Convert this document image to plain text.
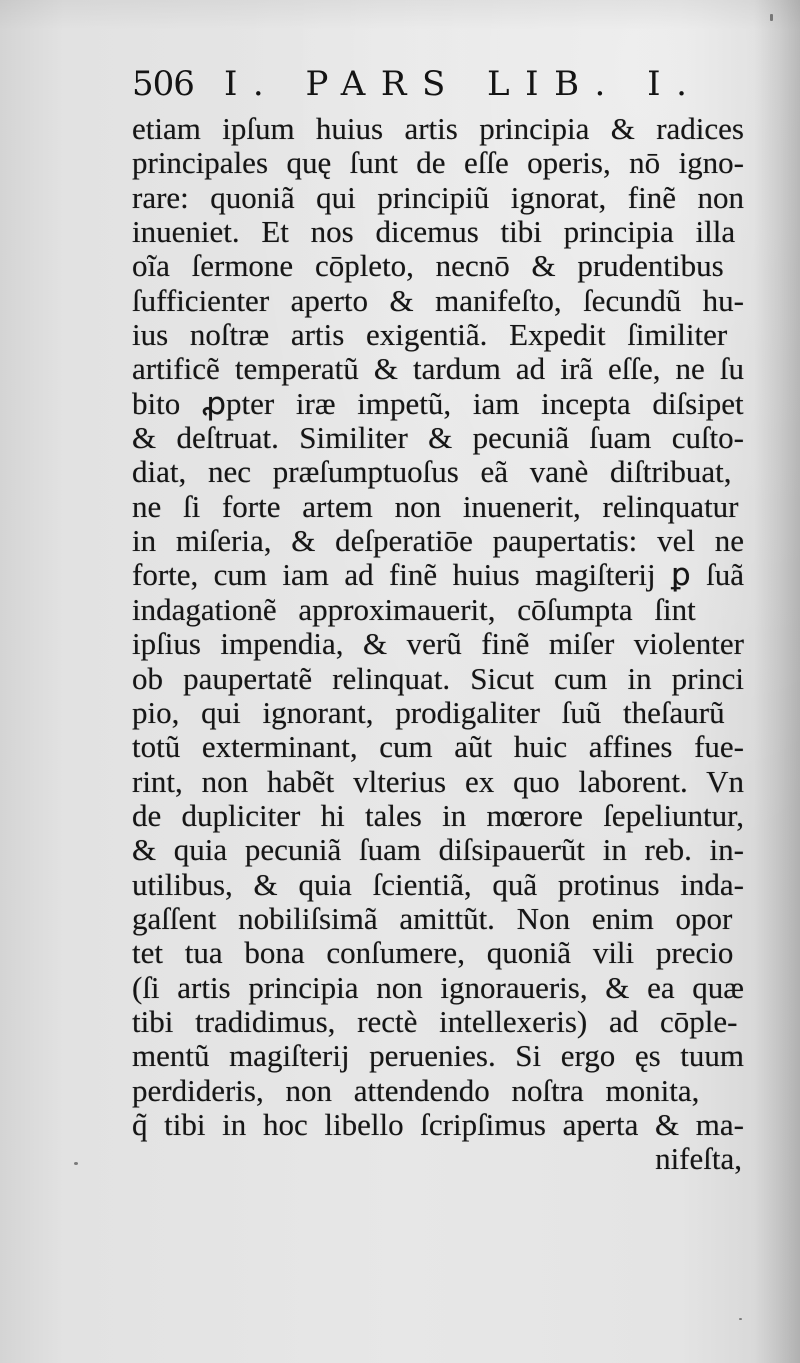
506 I. PARS LIB. I.
etiam ipſum huius artis principia & radices
principales quę ſunt de eſſe operis, nō igno-
rare: quoniã qui principiũ ignorat, finẽ non
inueniet. Et nos dicemus tibi principia illa
oĩa ſermone cōpleto, necnō & prudentibus
ſufficienter aperto & manifeſto, ſecundũ hu-
ius noſtræ artis exigentiã. Expedit ſimiliter
artificẽ temperatũ & tardum ad irã eſſe, ne ſu
bito ꝓpter iræ impetũ, iam incepta diſsipet
& deſtruat. Similiter & pecuniã ſuam cuſto-
diat, nec præſumptuoſus eã vanè diſtribuat,
ne ſi forte artem non inuenerit, relinquatur
in miſeria, & deſperatiōe paupertatis: vel ne
forte, cum iam ad finẽ huius magiſterij ꝑ ſuã
indagationẽ approximauerit, cōſumpta ſint
ipſius impendia, & verũ finẽ miſer violenter
ob paupertatẽ relinquat. Sicut cum in princi
pio, qui ignorant, prodigaliter ſuũ theſaurũ
totũ exterminant, cum aũt huic affines fue-
rint, non habẽt vlterius ex quo laborent. Vn
de dupliciter hi tales in mœrore ſepeliuntur,
& quia pecuniã ſuam diſsipauerũt in reb. in-
utilibus, & quia ſcientiã, quã protinus inda-
gaſſent nobiliſsimã amittũt. Non enim opor
tet tua bona conſumere, quoniã vili precio
(ſi artis principia non ignoraueris, & ea quæ
tibi tradidimus, rectè intellexeris) ad cōple-
mentũ magiſterij peruenies. Si ergo ęs tuum
perdideris, non attendendo noſtra monita,
q̃ tibi in hoc libello ſcripſimus aperta & ma-
nifeſta,
